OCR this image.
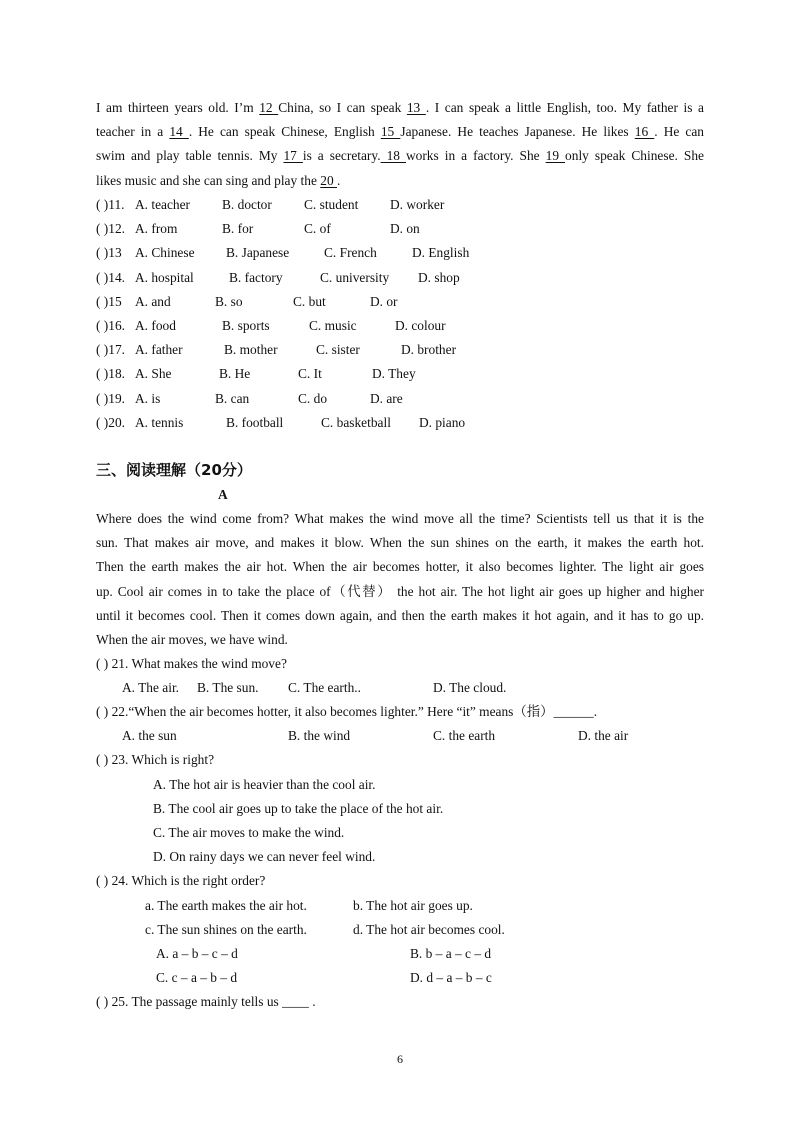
I am thirteen years old. I’m 12 China, so I can speak 13 . I can speak a little English, too. My father is a
teacher in a 14 . He can speak Chinese, English 15 Japanese. He teaches Japanese. He likes 16 . He can
swim and play table tennis. My 17 is a secretary. 18 works in a factory. She 19 only speak Chinese. She
likes music and she can sing and play the 20 .
( )11. A. teacher B. doctor C. student D. worker
( )12. A. from	B. for	C. of	D. on
( )13 A. Chinese B. Japanese	C. French	D. English
( )14. A. hospital	B. factory	C. university D. shop
( )15 A. and	B. so	C. but	D. or
( )16. A. food	B. sports	C. music	D. colour
( )17. A. father	B. mother	C. sister	D. brother
( )18. A. She	B. He	C. It	D. They
( )19. A. is	B. can	C. do	D. are
( )20. A. tennis	B. football	C. basketball D. piano
三、阅读理解（20分）
A
Where does the wind come from? What makes the wind move all the time? Scientists tell us that it is the
sun. That makes air move, and makes it blow. When the sun shines on the earth, it makes the earth hot.
Then the earth makes the air hot. When the air becomes hotter, it also becomes lighter. The light air goes
up. Cool air comes in to take the place of（代替） the hot air. The hot light air goes up higher and higher
until it becomes cool. Then it comes down again, and then the earth makes it hot again, and it has to go up.
When the air moves, we have wind.
( ) 21. What makes the wind move?
A. The air. B. The sun. C. The earth..	D. The cloud.
( ) 22.“When the air becomes hotter, it also becomes lighter.” Here “it” means（指）______.
A. the sun	B. the wind	C. the earth	D. the air
( ) 23. Which is right?
A. The hot air is heavier than the cool air.
B. The cool air goes up to take the place of the hot air.
C. The air moves to make the wind.
D. On rainy days we can never feel wind.
( ) 24. Which is the right order?
a. The earth makes the air hot.	b. The hot air goes up.
c. The sun shines on the earth.	d. The hot air becomes cool.
A. a – b – c – d	B. b – a – c – d
C. c – a – b – d	D. d – a – b – c
( ) 25. The passage mainly tells us ____ .
6
